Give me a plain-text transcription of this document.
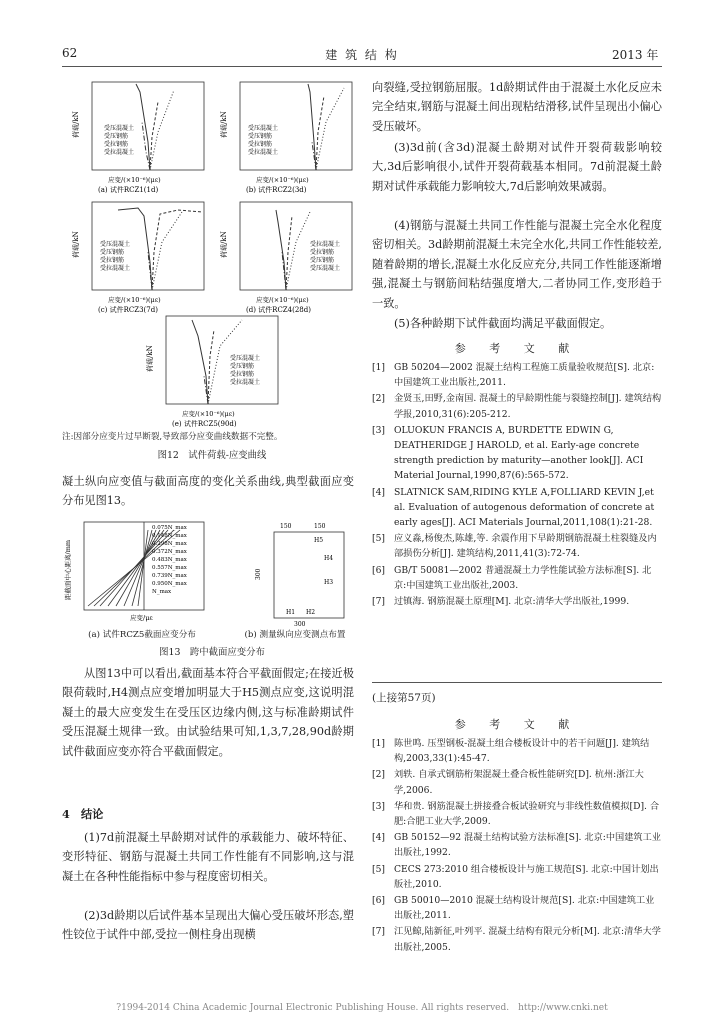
62	建 筑 结 构	2013 年
荷载/kN	受压混凝土
受压钢筋
受拉钢筋
受拉混凝土
应变/(×10⁻⁶)(με)
(a) 试件RCZ1(1d)
荷载/kN	受压混凝土
受压钢筋
受拉钢筋
受拉混凝土
应变/(×10⁻⁶)(με)
(b) 试件RCZ2(3d)
荷载/kN	受压混凝土
受压钢筋
受拉钢筋
受拉混凝土
应变/(×10⁻⁶)(με)
(c) 试件RCZ3(7d)
荷载/kN	受拉混凝土
受拉钢筋
受压钢筋
受压混凝土
应变/(×10⁻⁶)(με)
(d) 试件RCZ4(28d)
荷载/kN	受压混凝土
受压钢筋
受拉钢筋
受拉混凝土
应变/(×10⁻⁶)(με)
(e) 试件RCZ5(90d)
注:因部分应变片过早断裂,导致部分应变曲线数据不完整。
图12　试件荷载-应变曲线

凝土纵向应变值与截面高度的变化关系曲线,典型截面应变分布见图13。

0.075N_max
0.148N_max
0.298N_max
0.372N_max
0.483N_max
0.557N_max
0.739N_max
0.950N_max
N_max
距截面中心距离/mm
应变/με
150	150
H5
H4
H3
H1 H2
300
300
(a) 试件RCZ5截面应变分布	(b) 测量纵向应变测点布置
图13　跨中截面应变分布

从图13中可以看出,截面基本符合平截面假定;在接近极限荷载时,H4测点应变增加明显大于H5测点应变,这说明混凝土的最大应变发生在受压区边缘内侧,这与标准龄期试件受压混凝土规律一致。由试验结果可知,1,3,7,28,90d龄期试件截面应变亦符合平截面假定。

4　结论

(1)7d前混凝土早龄期对试件的承载能力、破坏特征、变形特征、钢筋与混凝土共同工作性能有不同影响,这与混凝土在各种性能指标中参与程度密切相关。

(2)3d龄期以后试件基本呈现出大偏心受压破坏形态,塑性铰位于试件中部,受拉一侧柱身出现横

向裂缝,受拉钢筋屈服。1d龄期试件由于混凝土水化反应未完全结束,钢筋与混凝土间出现粘结滑移,试件呈现出小偏心受压破坏。

(3)3d前(含3d)混凝土龄期对试件开裂荷载影响较大,3d后影响很小,试件开裂荷载基本相同。7d前混凝土龄期对试件承载能力影响较大,7d后影响效果减弱。

(4)钢筋与混凝土共同工作性能与混凝土完全水化程度密切相关。3d龄期前混凝土未完全水化,共同工作性能较差,随着龄期的增长,混凝土水化反应充分,共同工作性能逐渐增强,混凝土与钢筋间粘结强度增大,二者协同工作,变形趋于一致。

(5)各种龄期下试件截面均满足平截面假定。

参 考 文 献
[1] GB 50204—2002 混凝土结构工程施工质量验收规范[S]. 北京:中国建筑工业出版社,2011.
[2] 金贤玉,田野,金南国. 混凝土的早龄期性能与裂缝控制[J]. 建筑结构学报,2010,31(6):205-212.
[3] OLUOKUN FRANCIS A, BURDETTE EDWIN G, DEATHERIDGE J HAROLD, et al. Early-age concrete strength prediction by maturity—another look[J]. ACI Material Journal,1990,87(6):565-572.
[4] SLATNICK SAM,RIDING KYLE A,FOLLIARD KEVIN J,et al. Evaluation of autogenous deformation of concrete at early ages[J]. ACI Materials Journal,2011,108(1):21-28.
[5] 应义淼,杨俊杰,陈雄,等. 余震作用下早龄期钢筋混凝土柱裂缝及内部损伤分析[J]. 建筑结构,2011,41(3):72-74.
[6] GB/T 50081—2002 普通混凝土力学性能试验方法标准[S]. 北京:中国建筑工业出版社,2003.
[7] 过镇海. 钢筋混凝土原理[M]. 北京:清华大学出版社,1999.
(上接第57页)
参 考 文 献
[1] 陈世鸣. 压型钢板-混凝土组合楼板设计中的若干问题[J]. 建筑结构,2003,33(1):45-47.
[2] 刘轶. 自承式钢筋桁架混凝土叠合板性能研究[D]. 杭州:浙江大学,2006.
[3] 华和贵. 钢筋混凝土拼接叠合板试验研究与非线性数值模拟[D]. 合肥:合肥工业大学,2009.
[4] GB 50152—92 混凝土结构试验方法标准[S]. 北京:中国建筑工业出版社,1992.
[5] CECS 273:2010 组合楼板设计与施工规范[S]. 北京:中国计划出版社,2010.
[6] GB 50010—2010 混凝土结构设计规范[S]. 北京:中国建筑工业出版社,2011.
[7] 江见鲸,陆新征,叶列平. 混凝土结构有限元分析[M]. 北京:清华大学出版社,2005.
?1994-2014 China Academic Journal Electronic Publishing House. All rights reserved.　http://www.cnki.net
